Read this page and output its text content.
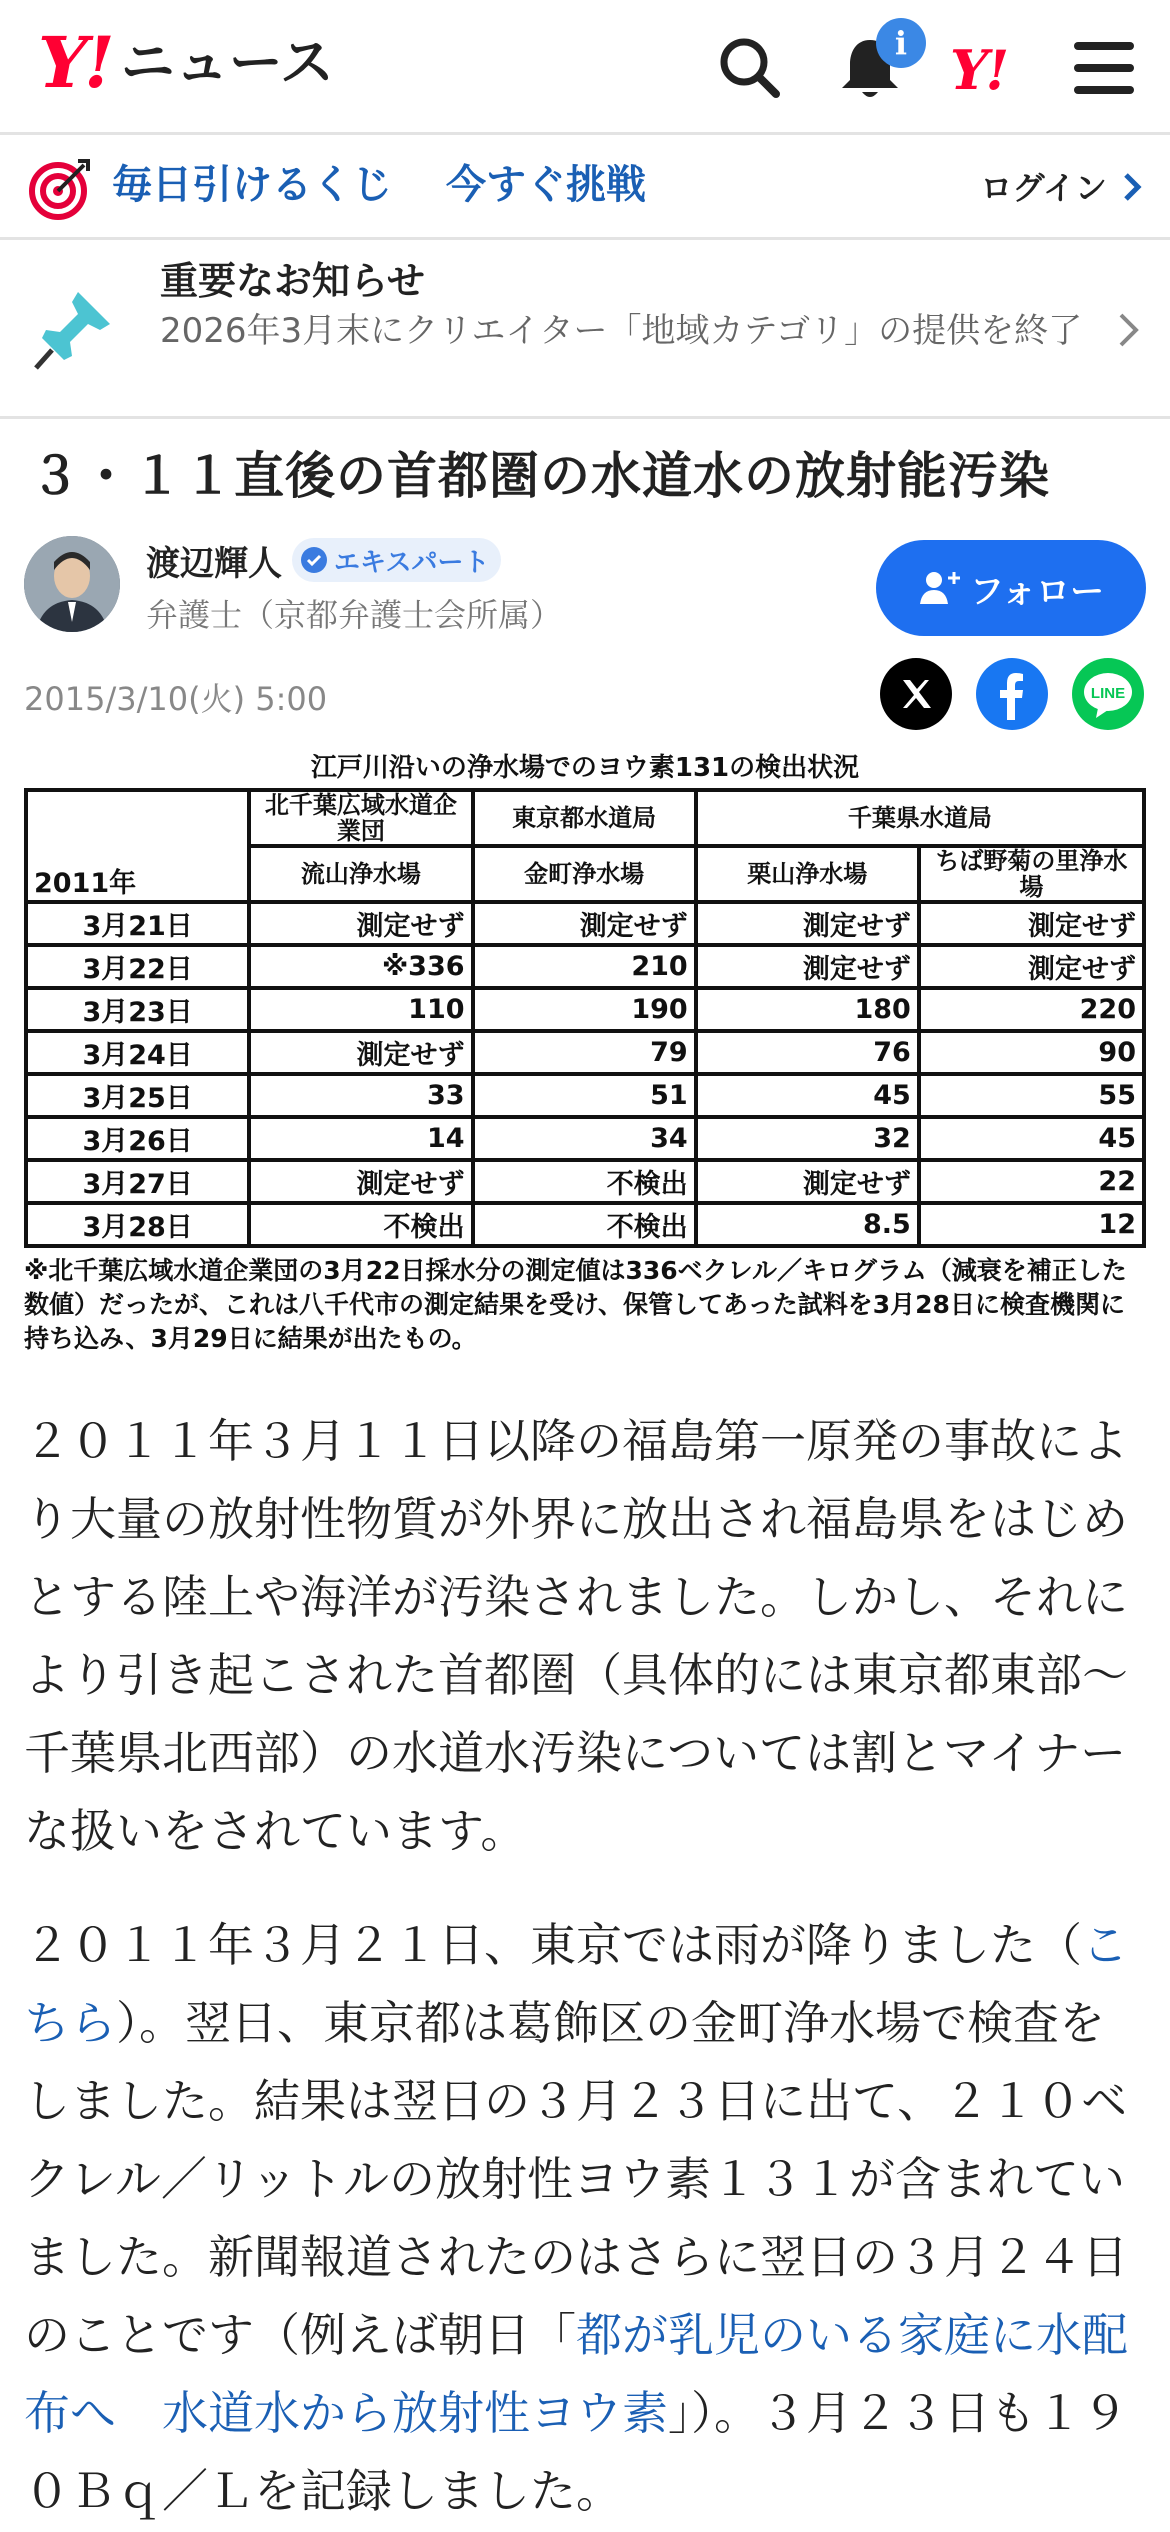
Y! ニュース	i Y!
毎日引けるくじ 今すぐ挑戦	ログイン
重要なお知らせ
2026年3月末にクリエイター「地域カテゴリ」の提供を終了
３・１１直後の首都圏の水道水の放射能汚染
渡辺輝人 エキスパート
弁護士（京都弁護士会所属）
フォロー
2015/3/10(火) 5:00	LINE
江戸川沿いの浄水場でのヨウ素131の検出状況
2011年	北千葉広域水道企業団	東京都水道局	千葉県水道局	
	流山浄水場	金町浄水場	栗山浄水場	ちば野菊の里浄水場
3月21日	測定せず	測定せず	測定せず	測定せず
3月22日	※336	210	測定せず	測定せず
3月23日	110	190	180	220
3月24日	測定せず	79	76	90
3月25日	33	51	45	55
3月26日	14	34	32	45
3月27日	測定せず	不検出	測定せず	22
3月28日	不検出	不検出	8.5	12
※北千葉広域水道企業団の3月22日採水分の測定値は336ベクレル／キログラム（減衰を補正した数値）だったが、これは八千代市の測定結果を受け、保管してあった試料を3月28日に検査機関に持ち込み、3月29日に結果が出たもの。
２０１１年３月１１日以降の福島第一原発の事故により大量の放射性物質が外界に放出され福島県をはじめとする陸上や海洋が汚染されました。しかし、それにより引き起こされた首都圏（具体的には東京都東部～千葉県北西部）の水道水汚染については割とマイナーな扱いをされています。
２０１１年３月２１日、東京では雨が降りました（こちら）。翌日、東京都は葛飾区の金町浄水場で検査をしました。結果は翌日の３月２３日に出て、２１０ベクレル／リットルの放射性ヨウ素１３１が含まれていました。新聞報道されたのはさらに翌日の３月２４日のことです（例えば朝日「都が乳児のいる家庭に水配布へ　水道水から放射性ヨウ素」）。３月２３日も１９０Ｂｑ／Ｌを記録しました。
